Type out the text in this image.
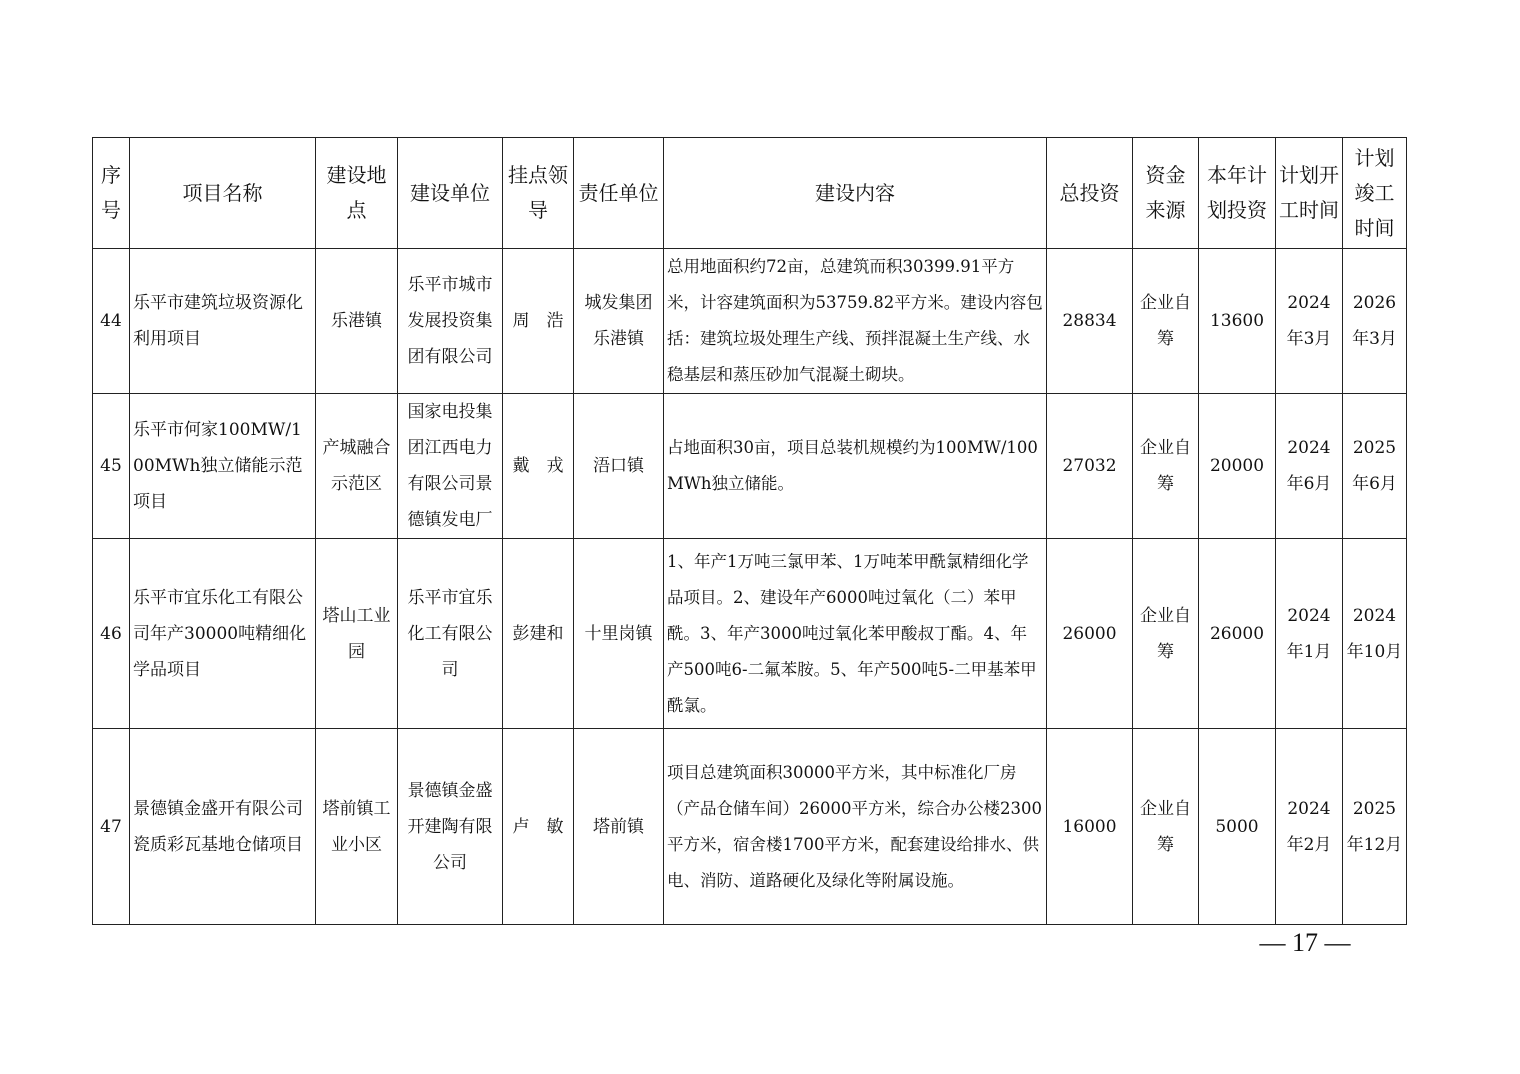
序号	项目名称	建设地点	建设单位	挂点领导	责任单位	建设内容	总投资	资金来源	本年计划投资	计划开工时间	计划竣工时间
44	乐平市建筑垃圾资源化利用项目	乐港镇	乐平市城市发展投资集团有限公司	周　浩	城发集团乐港镇	总用地面积约72亩，总建筑而积30399.91平方米，计容建筑面积为53759.82平方米。建设内容包括：建筑垃圾处理生产线、预拌混凝土生产线、水稳基层和蒸压砂加气混凝土砌块。	28834	企业自筹	13600	2024年3月	2026年3月
45	乐平市何家100MW/100MWh独立储能示范项目	产城融合示范区	国家电投集团江西电力有限公司景德镇发电厂	戴　戎	浯口镇	占地面积30亩，项目总装机规模约为100MW/100MWh独立储能。	27032	企业自筹	20000	2024年6月	2025年6月
46	乐平市宜乐化工有限公司年产30000吨精细化学品项目	塔山工业园	乐平市宜乐化工有限公司	彭建和	十里岗镇	1、年产1万吨三氯甲苯、1万吨苯甲酰氯精细化学品项目。2、建设年产6000吨过氧化（二）苯甲酰。3、年产3000吨过氧化苯甲酸叔丁酯。4、年产500吨6-二氟苯胺。5、年产500吨5-二甲基苯甲酰氯。	26000	企业自筹	26000	2024年1月	2024年10月
47	景德镇金盛开有限公司瓷质彩瓦基地仓储项目	塔前镇工业小区	景德镇金盛开建陶有限公司	卢　敏	塔前镇	项目总建筑面积30000平方米，其中标准化厂房（产品仓储车间）26000平方米，综合办公楼2300平方米，宿舍楼1700平方米，配套建设给排水、供电、消防、道路硬化及绿化等附属设施。	16000	企业自筹	5000	2024年2月	2025年12月
— 17 —
